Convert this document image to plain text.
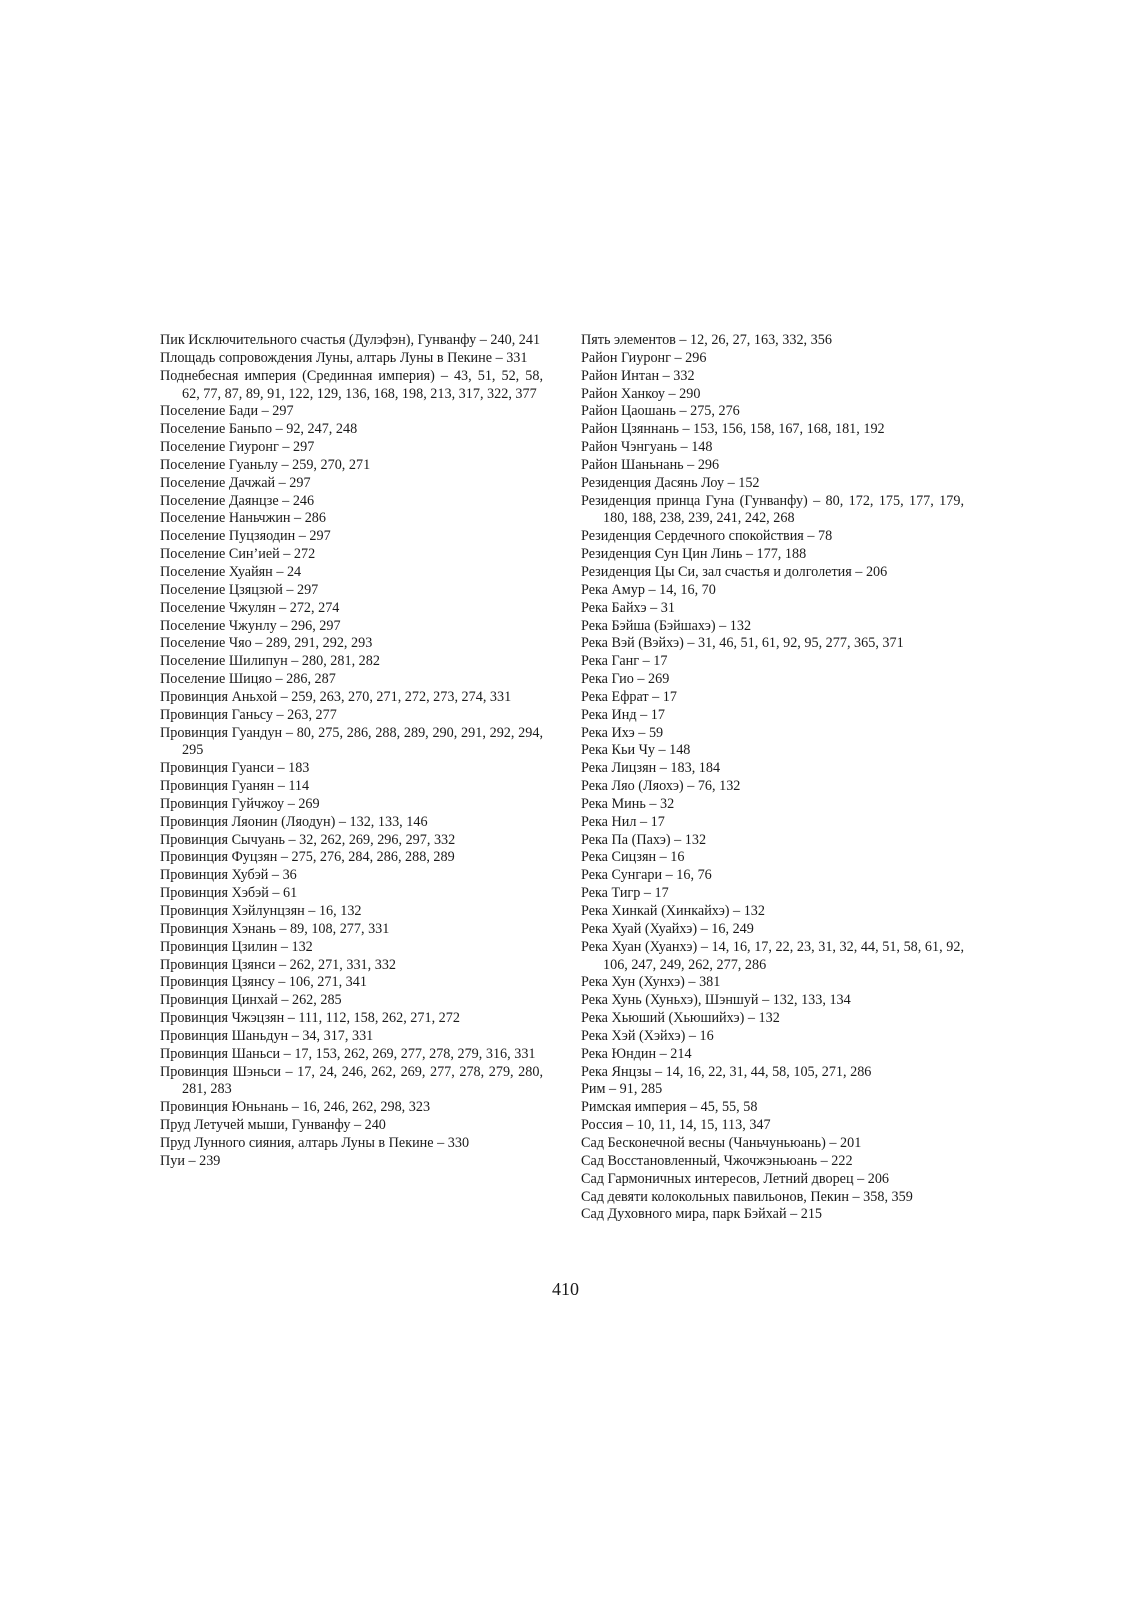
Пик Исключительного счастья (Дулэфэн), Гунванфу – 240, 241

Площадь сопровождения Луны, алтарь Луны в Пекине – 331

Поднебесная империя (Срединная империя) – 43, 51, 52, 58, 62, 77, 87, 89, 91, 122, 129, 136, 168, 198, 213, 317, 322, 377

Поселение Бади – 297

Поселение Баньпо – 92, 247, 248

Поселение Гиyронг – 297

Поселение Гуаньлу – 259, 270, 271

Поселение Дачжай – 297

Поселение Даянцзе – 246

Поселение Наньчжин – 286

Поселение Пуцзяодин – 297

Поселение Син’ией – 272

Поселение Хуайян – 24

Поселение Цзяцзюй – 297

Поселение Чжулян – 272, 274

Поселение Чжунлу – 296, 297

Поселение Чяо – 289, 291, 292, 293

Поселение Шилипун – 280, 281, 282

Поселение Шицяо – 286, 287

Провинция Аньхой – 259, 263, 270, 271, 272, 273, 274, 331

Провинция Ганьсу – 263, 277

Провинция Гуандун – 80, 275, 286, 288, 289, 290, 291, 292, 294, 295

Провинция Гуанси – 183

Провинция Гуанян – 114

Провинция Гуйчжоу – 269

Провинция Ляонин (Ляодун) – 132, 133, 146

Провинция Сычуань – 32, 262, 269, 296, 297, 332

Провинция Фуцзян – 275, 276, 284, 286, 288, 289

Провинция Хубэй – 36

Провинция Хэбэй – 61

Провинция Хэйлунцзян – 16, 132

Провинция Хэнань – 89, 108, 277, 331

Провинция Цзилин – 132

Провинция Цзянси – 262, 271, 331, 332

Провинция Цзянсу – 106, 271, 341

Провинция Цинхай – 262, 285

Провинция Чжэцзян – 111, 112, 158, 262, 271, 272

Провинция Шаньдун – 34, 317, 331

Провинция Шаньси – 17, 153, 262, 269, 277, 278, 279, 316, 331

Провинция Шэньси – 17, 24, 246, 262, 269, 277, 278, 279, 280, 281, 283

Провинция Юньнань – 16, 246, 262, 298, 323

Пруд Летучей мыши, Гунванфу – 240

Пруд Лунного сияния, алтарь Луны в Пекине – 330

Пуи – 239

Пять элементов – 12, 26, 27, 163, 332, 356

Район Гиyронг – 296

Район Интан – 332

Район Ханкоу – 290

Район Цаошань – 275, 276

Район Цзяннань – 153, 156, 158, 167, 168, 181, 192

Район Чэнгуань – 148

Район Шаньнань – 296

Резиденция Дасянь Лоу – 152

Резиденция принца Гуна (Гунванфу) – 80, 172, 175, 177, 179, 180, 188, 238, 239, 241, 242, 268

Резиденция Сердечного спокойствия – 78

Резиденция Сун Цин Линь – 177, 188

Резиденция Цы Си, зал счастья и долголетия – 206

Река Амур – 14, 16, 70

Река Байхэ – 31

Река Бэйша (Бэйшахэ) – 132

Река Вэй (Вэйхэ) – 31, 46, 51, 61, 92, 95, 277, 365, 371

Река Ганг – 17

Река Гио – 269

Река Ефрат – 17

Река Инд – 17

Река Ихэ – 59

Река Кьи Чу – 148

Река Лицзян – 183, 184

Река Ляо (Ляохэ) – 76, 132

Река Минь – 32

Река Нил – 17

Река Па (Пахэ) – 132

Река Сицзян – 16

Река Сунгари – 16, 76

Река Тигр – 17

Река Хинкай (Хинкайхэ) – 132

Река Хуай (Хуайхэ) – 16, 249

Река Хуан (Хуанхэ) – 14, 16, 17, 22, 23, 31, 32, 44, 51, 58, 61, 92, 106, 247, 249, 262, 277, 286

Река Хун (Хунхэ) – 381

Река Хунь (Хуньхэ), Шэншуй – 132, 133, 134

Река Хьюший (Хьюшийхэ) – 132

Река Хэй (Хэйхэ) – 16

Река Юндин – 214

Река Янцзы – 14, 16, 22, 31, 44, 58, 105, 271, 286

Рим – 91, 285

Римская империя – 45, 55, 58

Россия – 10, 11, 14, 15, 113, 347

Сад Бесконечной весны (Чаньчуньюань) – 201

Сад Восстановленный, Чжочжэньюань – 222

Сад Гармоничных интересов, Летний дворец – 206

Сад девяти колокольных павильонов, Пекин – 358, 359

Сад Духовного мира, парк Бэйхай – 215

410
